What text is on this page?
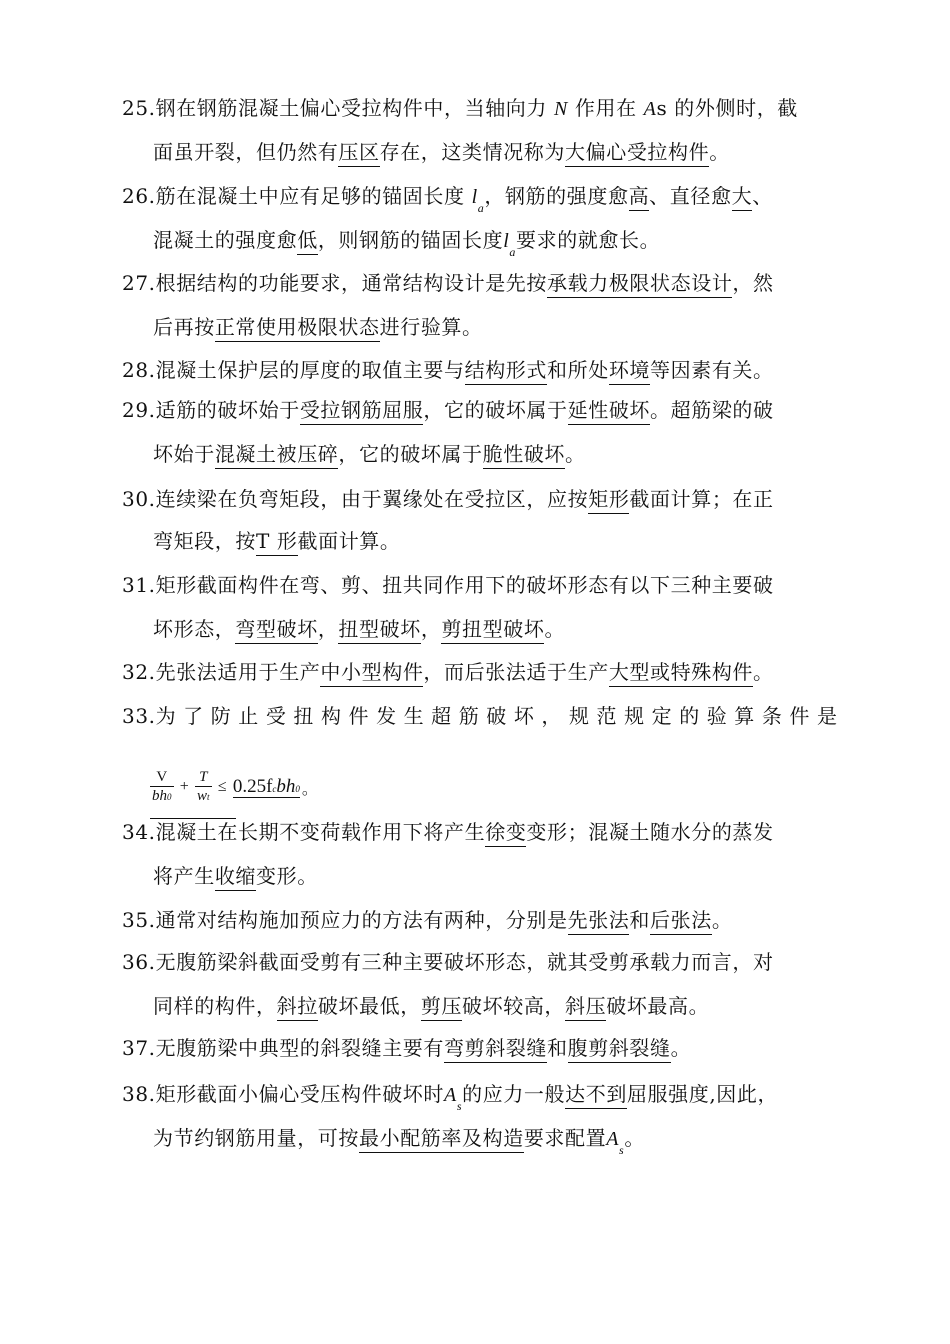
25.钢在钢筋混凝土偏心受拉构件中，当轴向力 N 作用在 As 的外侧时，截
面虽开裂，但仍然有压区存在，这类情况称为大偏心受拉构件。
26.筋在混凝土中应有足够的锚固长度 $l_a$，钢筋的强度愈高、直径愈大、
混凝土的强度愈低，则钢筋的锚固长度$l_a$要求的就愈长。
27.根据结构的功能要求，通常结构设计是先按承载力极限状态设计，然
后再按正常使用极限状态进行验算。
28.混凝土保护层的厚度的取值主要与结构形式和所处环境等因素有关。
29.适筋的破坏始于受拉钢筋屈服，它的破坏属于延性破坏。超筋梁的破
坏始于混凝土被压碎，它的破坏属于脆性破坏。
30.连续梁在负弯矩段，由于翼缘处在受拉区，应按矩形截面计算；在正
弯矩段，按T 形截面计算。
31.矩形截面构件在弯、剪、扭共同作用下的破坏形态有以下三种主要破
坏形态，弯型破坏，扭型破坏，剪扭型破坏。
32.先张法适用于生产中小型构件，而后张法适于生产大型或特殊构件。
33.为 了 防 止 受 扭 构 件 发 生 超 筋 破 坏 ， 规 范 规 定 的 验 算 条 件 是
34.混凝土在长期不变荷载作用下将产生徐变变形；混凝土随水分的蒸发
将产生收缩变形。
35.通常对结构施加预应力的方法有两种，分别是先张法和后张法。
36.无腹筋梁斜截面受剪有三种主要破坏形态，就其受剪承载力而言，对
同样的构件，斜拉破坏最低，剪压破坏较高，斜压破坏最高。
37.无腹筋梁中典型的斜裂缝主要有弯剪斜裂缝和腹剪斜裂缝。
38.矩形截面小偏心受压构件破坏时$A_s$的应力一般达不到屈服强度,因此，
为节约钢筋用量，可按最小配筋率及构造要求配置$A_s$。
$\frac{V}{bh0} + \frac{T}{wt}$ ≤ 0.25fcbh0 。
